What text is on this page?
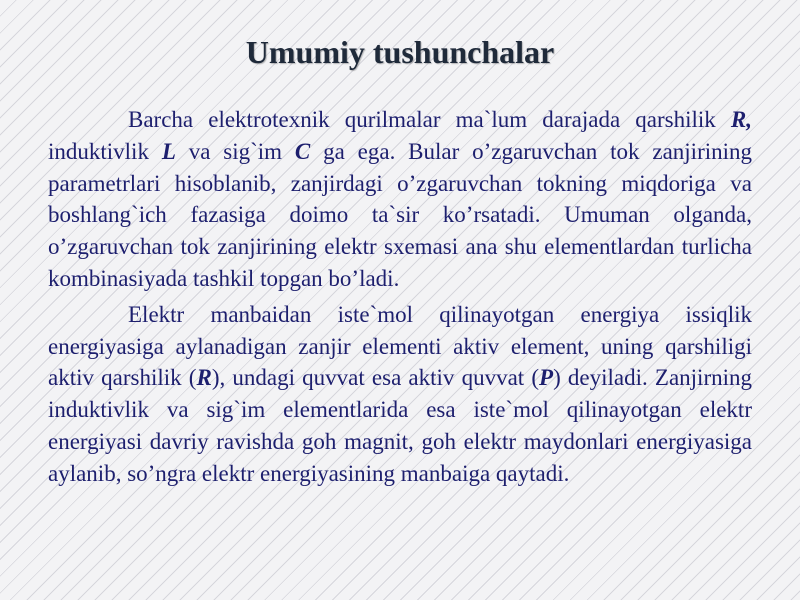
Umumiy tushunchalar

Barcha elektrotexnik qurilmalar ma`lum darajada qarshilik R, induktivlik L va sig`im C ga ega. Bular o’zgaruvchan tok zanjirining parametrlari hisoblanib, zanjirdagi o’zgaruvchan tokning miqdoriga va boshlang`ich fazasiga doimo ta`sir ko’rsatadi. Umuman olganda, o’zgaruvchan tok zanjirining elektr sxemasi ana shu elementlardan turlicha kombinasiyada tashkil topgan bo’ladi.

Elektr manbaidan iste`mol qilinayotgan energiya issiqlik energiyasiga aylanadigan zanjir elementi aktiv element, uning qarshiligi aktiv qarshilik (R), undagi quvvat esa aktiv quvvat (P) deyiladi. Zanjirning induktivlik va sig`im elementlarida esa iste`mol qilinayotgan elektr energiyasi davriy ravishda goh magnit, goh elektr maydonlari energiyasiga aylanib, so’ngra elektr energiyasining manbaiga qaytadi.
